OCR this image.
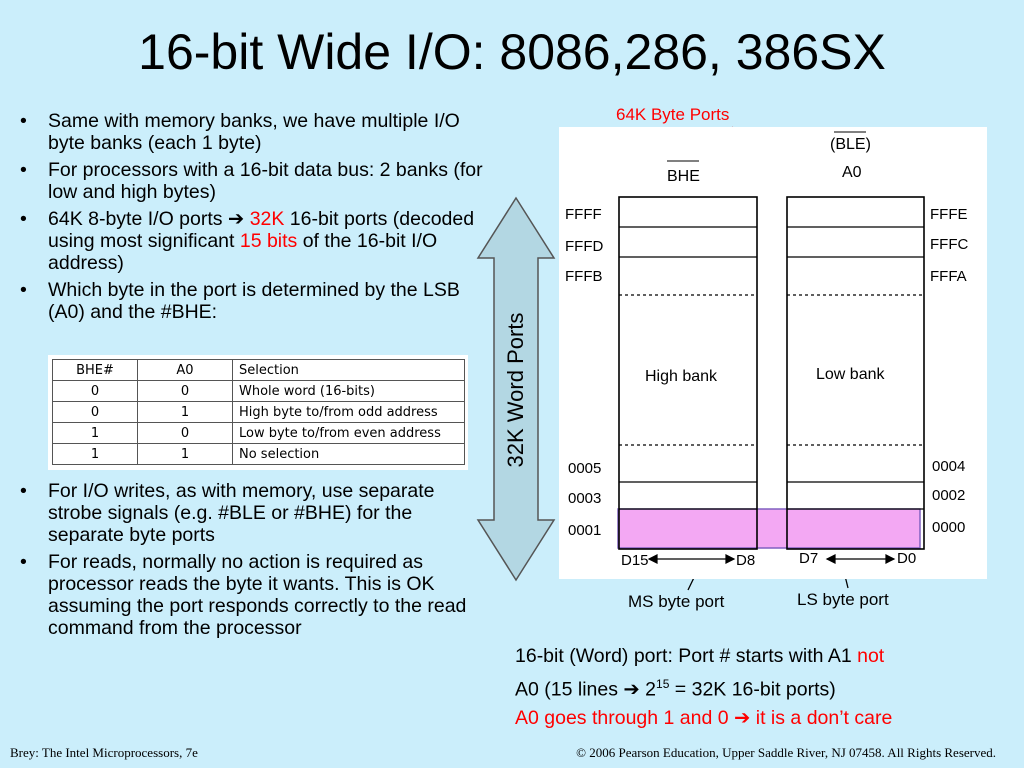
16-bit Wide I/O: 8086,286, 386SX
• Same with memory banks, we have multiple I/O byte banks (each 1 byte)
• For processors with a 16-bit data bus: 2 banks (for low and high bytes)
• 64K 8-byte I/O ports ➔ 32K 16-bit ports (decoded using most significant 15 bits of the 16-bit I/O address)
• Which byte in the port is determined by the LSB (A0) and the #BHE:
BHE#	A0	Selection
0	0	Whole word (16-bits)
0	1	High byte to/from odd address
1	0	Low byte to/from even address
1	1	No selection
• For I/O writes, as with memory, use separate strobe signals (e.g. #BLE or #BHE) for the separate byte ports
• For reads, normally no action is required as processor reads the byte it wants. This is OK assuming the port responds correctly to the read command from the processor
32K Word Ports
64K Byte Ports
(BLE)
BHE	A0
FFFF
FFFD
FFFB
FFFE
FFFC
FFFA
High bank	Low bank
0005
0003
0001
0004
0002
0000
D15	D8	D7	D0
MS byte port	LS byte port
16-bit (Word) port: Port # starts with A1 not
A0 (15 lines ➔ $2^{15} = 32K$ 16-bit ports)
A0 goes through 1 and 0 ➔ it is a don’t care
Brey: The Intel Microprocessors, 7e	© 2006 Pearson Education, Upper Saddle River, NJ 07458. All Rights Reserved.
